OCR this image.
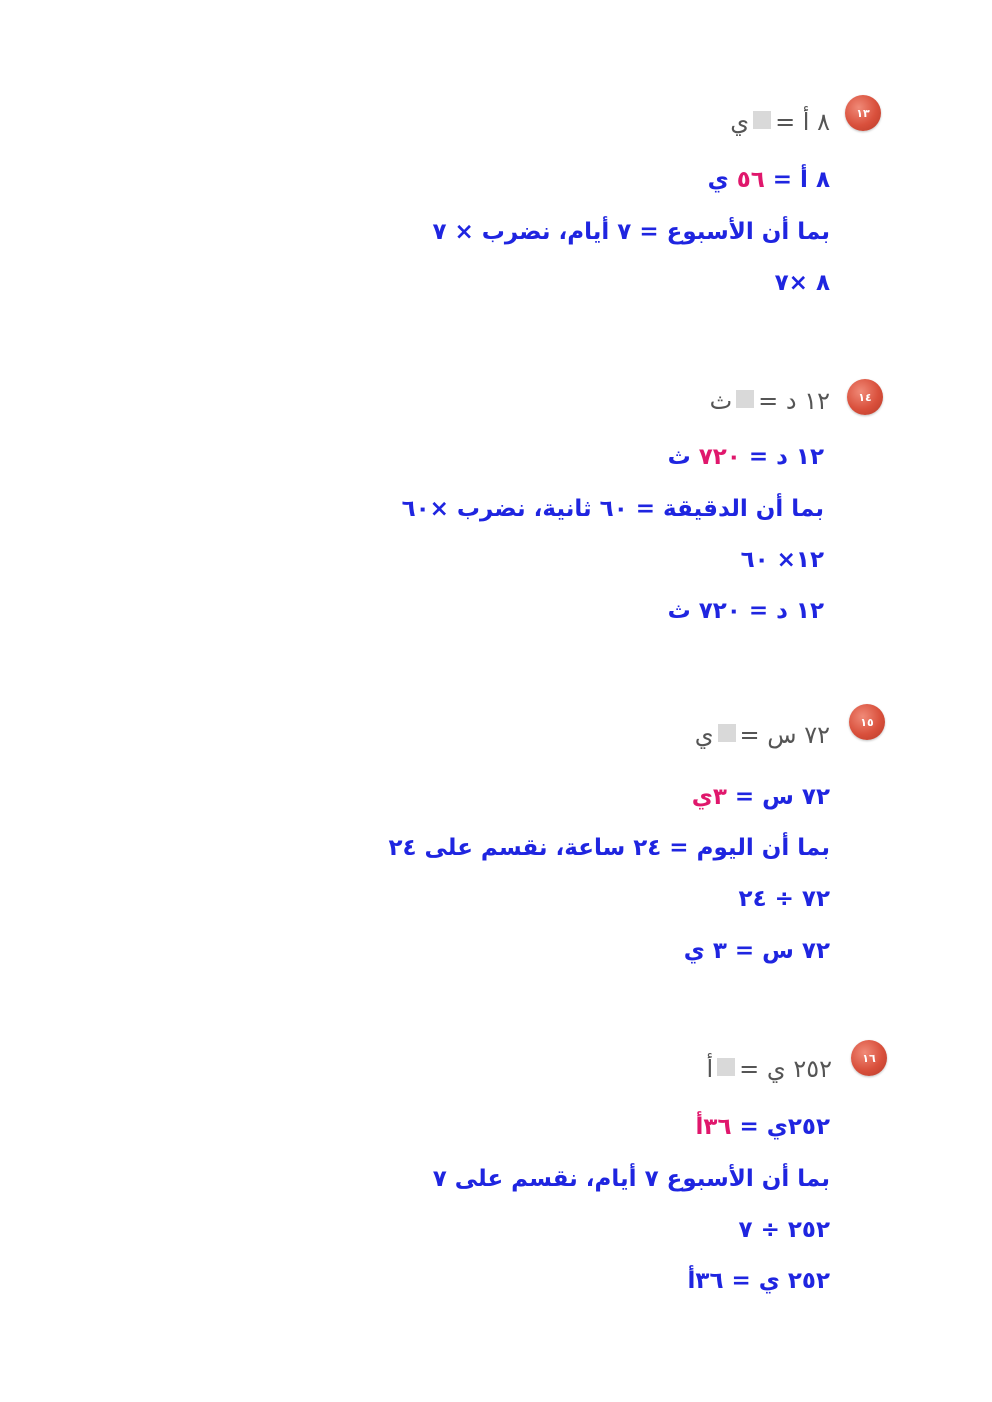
١٣
٨ أ =ي
٨ أ = ٥٦ ي
بما أن الأسبوع = ٧ أيام، نضرب × ٧
٨ ×٧
١٤
١٢ د =ث
١٢ د = ٧٢٠ ث
بما أن الدقيقة = ٦٠ ثانية، نضرب ×٦٠
١٢× ٦٠
١٢ د = ٧٢٠ ث
١٥
٧٢ س =ي
٧٢ س = ٣ي
بما أن اليوم = ٢٤ ساعة، نقسم على ٢٤
٧٢ ÷ ٢٤
٧٢ س = ٣ ي
١٦
٢٥٢ ي =أ
٢٥٢ي = ٣٦أ
بما أن الأسبوع ٧ أيام، نقسم على ٧
٢٥٢ ÷ ٧
٢٥٢ ي = ٣٦أ
